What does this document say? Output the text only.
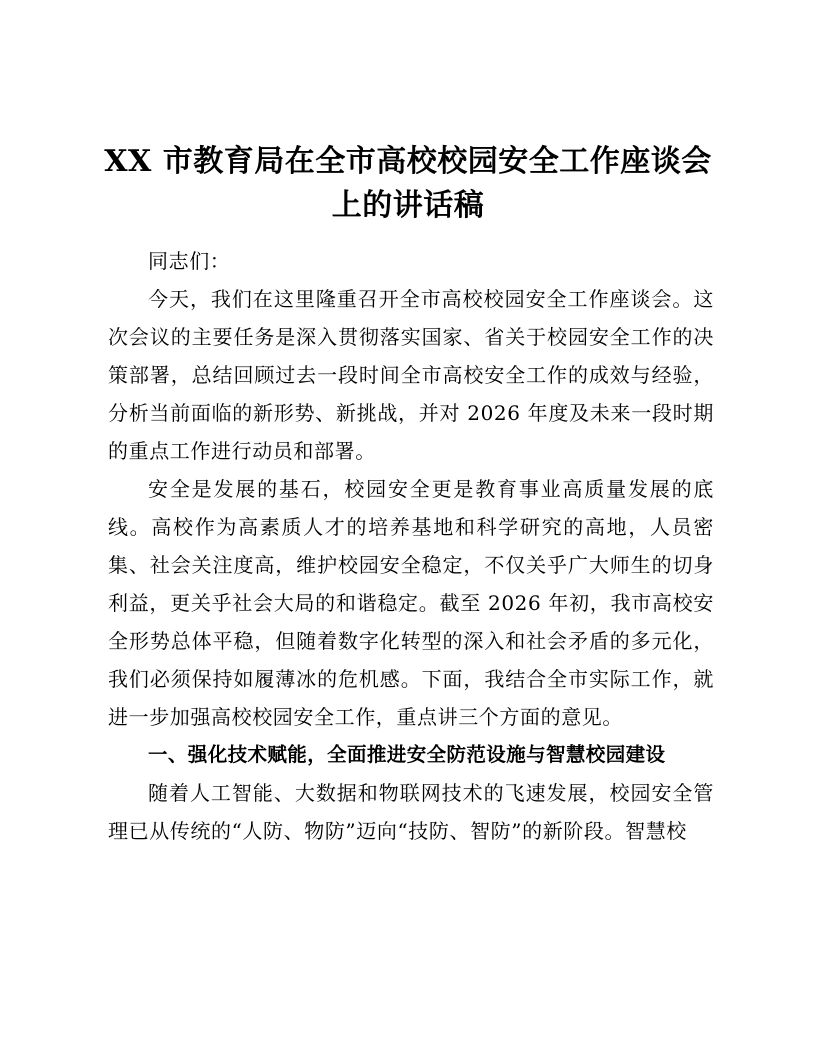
XX 市教育局在全市高校校园安全工作座谈会上的讲话稿

同志们：

今天，我们在这里隆重召开全市高校校园安全工作座谈会。这次会议的主要任务是深入贯彻落实国家、省关于校园安全工作的决策部署，总结回顾过去一段时间全市高校安全工作的成效与经验，分析当前面临的新形势、新挑战，并对 2026 年度及未来一段时期的重点工作进行动员和部署。

安全是发展的基石，校园安全更是教育事业高质量发展的底线。高校作为高素质人才的培养基地和科学研究的高地，人员密集、社会关注度高，维护校园安全稳定，不仅关乎广大师生的切身利益，更关乎社会大局的和谐稳定。截至 2026 年初，我市高校安全形势总体平稳，但随着数字化转型的深入和社会矛盾的多元化，我们必须保持如履薄冰的危机感。下面，我结合全市实际工作，就进一步加强高校校园安全工作，重点讲三个方面的意见。

一、强化技术赋能，全面推进安全防范设施与智慧校园建设

随着人工智能、大数据和物联网技术的飞速发展，校园安全管理已从传统的“人防、物防”迈向“技防、智防”的新阶段。智慧校
